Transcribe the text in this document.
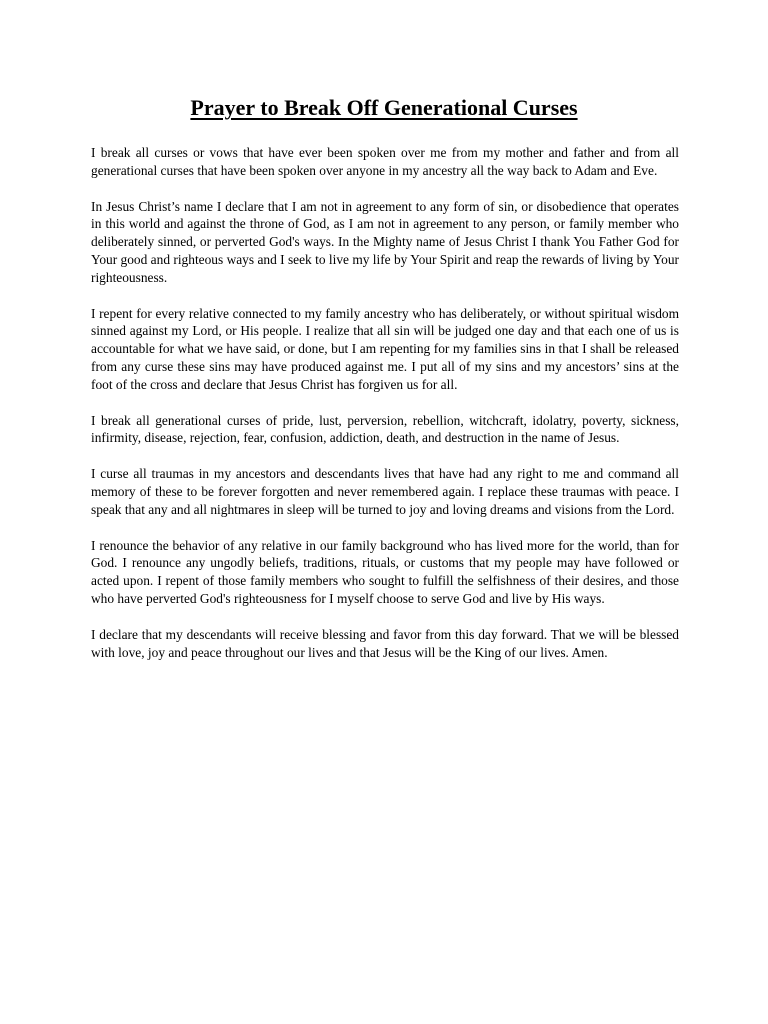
Prayer to Break Off Generational Curses

I break all curses or vows that have ever been spoken over me from my mother and father and from all generational curses that have been spoken over anyone in my ancestry all the way back to Adam and Eve.

In Jesus Christ’s name I declare that I am not in agreement to any form of sin, or disobedience that operates in this world and against the throne of God, as I am not in agreement to any person, or family member who deliberately sinned, or perverted God's ways. In the Mighty name of Jesus Christ I thank You Father God for Your good and righteous ways and I seek to live my life by Your Spirit and reap the rewards of living by Your righteousness.

I repent for every relative connected to my family ancestry who has deliberately, or without spiritual wisdom sinned against my Lord, or His people. I realize that all sin will be judged one day and that each one of us is accountable for what we have said, or done, but I am repenting for my families sins in that I shall be released from any curse these sins may have produced against me. I put all of my sins and my ancestors’ sins at the foot of the cross and declare that Jesus Christ has forgiven us for all.

I break all generational curses of pride, lust, perversion, rebellion, witchcraft, idolatry, poverty, sickness, infirmity, disease, rejection, fear, confusion, addiction, death, and destruction in the name of Jesus.

I curse all traumas in my ancestors and descendants lives that have had any right to me and command all memory of these to be forever forgotten and never remembered again. I replace these traumas with peace. I speak that any and all nightmares in sleep will be turned to joy and loving dreams and visions from the Lord.

I renounce the behavior of any relative in our family background who has lived more for the world, than for God. I renounce any ungodly beliefs, traditions, rituals, or customs that my people may have followed or acted upon. I repent of those family members who sought to fulfill the selfishness of their desires, and those who have perverted God's righteousness for I myself choose to serve God and live by His ways.

I declare that my descendants will receive blessing and favor from this day forward. That we will be blessed with love, joy and peace throughout our lives and that Jesus will be the King of our lives. Amen.
